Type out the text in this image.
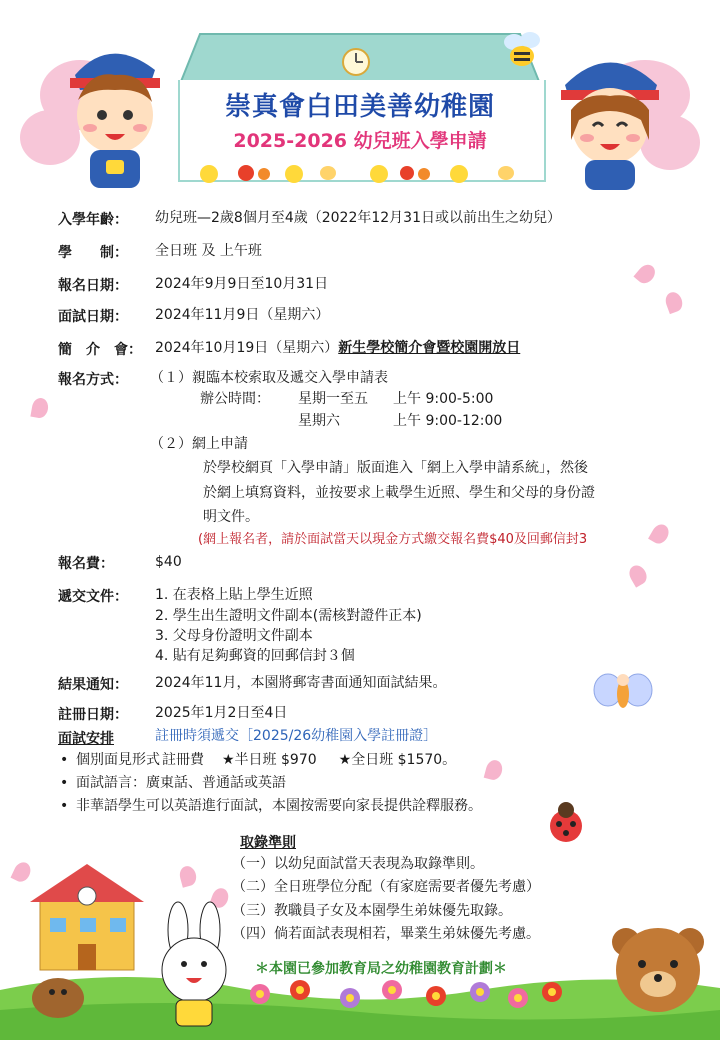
崇真會白田美善幼稚園
2025-2026 幼兒班入學申請
入學年齡： 幼兒班—2歲8個月至4歲（2022年12月31日或以前出生之幼兒）
學　　制： 全日班 及 上午班
報名日期： 2024年9月9日至10月31日
面試日期： 2024年11月9日（星期六）
簡　介　會： 2024年10月19日（星期六）新生學校簡介會暨校園開放日
報名方式： （１）親臨本校索取及遞交入學申請表
辦公時間： 星期一至五 上午 9:00-5:00
星期六	上午 9:00-12:00
（２）網上申請
於學校網頁「入學申請」版面進入「網上入學申請系統」，然後
於網上填寫資料，並按要求上載學生近照、學生和父母的身份證
明文件。
(網上報名者，請於面試當天以現金方式繳交報名費$40及回郵信封3
報名費：	$40
遞交文件： 1. 在表格上貼上學生近照
2. 學生出生證明文件副本(需核對證件正本)
3. 父母身份證明文件副本
4. 貼有足夠郵資的回郵信封３個
結果通知： 2024年11月，本園將郵寄書面通知面試結果。
註冊日期： 2025年1月2日至4日
面試安排	註冊時須遞交［2025/26幼稚園入學註冊證］
• 個別面見形式 註冊費 ★半日班 $970 ★全日班 $1570。
• 面試語言：廣東話、普通話或英語
• 非華語學生可以英語進行面試，本園按需要向家長提供詮釋服務。
取錄準則
（一）以幼兒面試當天表現為取錄準則。
（二）全日班學位分配（有家庭需要者優先考慮）
（三）教職員子女及本園學生弟妹優先取錄。
（四）倘若面試表現相若，畢業生弟妹優先考慮。
＊本園已參加教育局之幼稚園教育計劃＊
